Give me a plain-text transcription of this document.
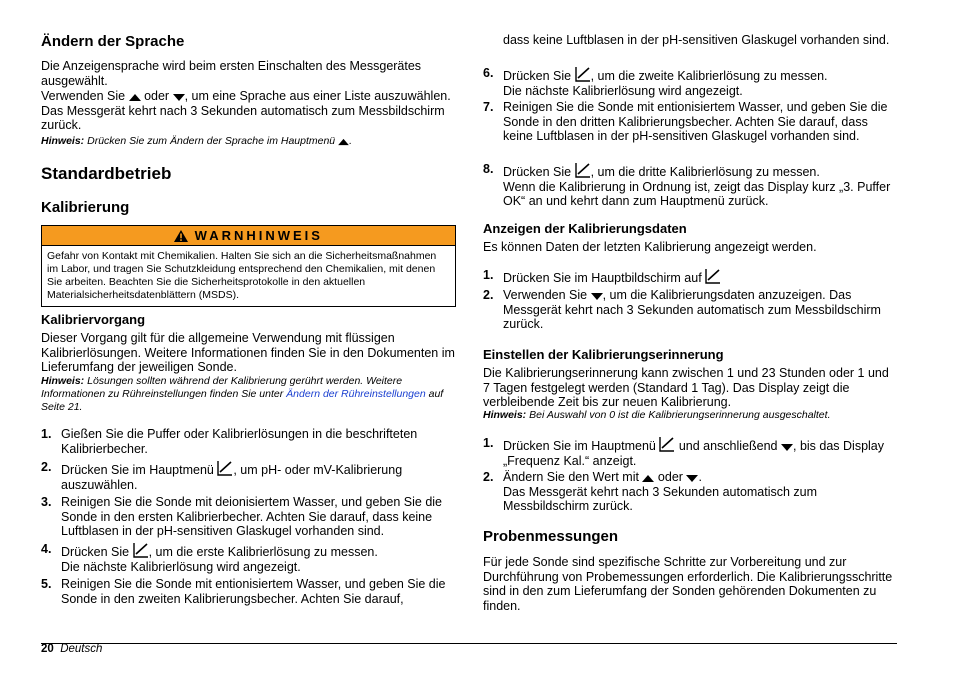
Ändern der Sprache

Die Anzeigensprache wird beim ersten Einschalten des Messgerätes ausgewählt.

Verwenden Sie oder , um eine Sprache aus einer Liste auszuwählen. Das Messgerät kehrt nach 3 Sekunden automatisch zum Messbildschirm zurück.

Hinweis: Drücken Sie zum Ändern der Sprache im Hauptmenü .

Standardbetrieb

Kalibrierung

WARNHINWEIS
Gefahr von Kontakt mit Chemikalien. Halten Sie sich an die Sicherheitsmaßnahmen im Labor, und tragen Sie Schutzkleidung entsprechend den Chemikalien, mit denen Sie arbeiten. Beachten Sie die Sicherheitsprotokolle in den aktuellen Materialsicherheitsdatenblättern (MSDS).

Kalibriervorgang

Dieser Vorgang gilt für die allgemeine Verwendung mit flüssigen Kalibrierlösungen. Weitere Informationen finden Sie in den Dokumenten im Lieferumfang der jeweiligen Sonde.

Hinweis: Lösungen sollten während der Kalibrierung gerührt werden. Weitere Informationen zu Rühreinstellungen finden Sie unter Ändern der Rühreinstellungen auf Seite 21.

1. Gießen Sie die Puffer oder Kalibrierlösungen in die beschrifteten Kalibrierbecher.
2. Drücken Sie im Hauptmenü , um pH- oder mV-Kalibrierung auszuwählen.
3. Reinigen Sie die Sonde mit deionisiertem Wasser, und geben Sie die Sonde in den ersten Kalibrierbecher. Achten Sie darauf, dass keine Luftblasen in der pH-sensitiven Glaskugel vorhanden sind.
4. Drücken Sie , um die erste Kalibrierlösung zu messen.
Die nächste Kalibrierlösung wird angezeigt.
5. Reinigen Sie die Sonde mit entionisiertem Wasser, und geben Sie die Sonde in den zweiten Kalibrierungsbecher. Achten Sie darauf,

dass keine Luftblasen in der pH-sensitiven Glaskugel vorhanden sind.

6. Drücken Sie , um die zweite Kalibrierlösung zu messen.
Die nächste Kalibrierlösung wird angezeigt.
7. Reinigen Sie die Sonde mit entionisiertem Wasser, und geben Sie die Sonde in den dritten Kalibrierungsbecher. Achten Sie darauf, dass keine Luftblasen in der pH-sensitiven Glaskugel vorhanden sind.
8. Drücken Sie , um die dritte Kalibrierlösung zu messen.
Wenn die Kalibrierung in Ordnung ist, zeigt das Display kurz „3. Puffer OK“ an und kehrt dann zum Hauptmenü zurück.

Anzeigen der Kalibrierungsdaten

Es können Daten der letzten Kalibrierung angezeigt werden.

1. Drücken Sie im Hauptbildschirm auf
2. Verwenden Sie , um die Kalibrierungsdaten anzuzeigen. Das Messgerät kehrt nach 3 Sekunden automatisch zum Messbildschirm zurück.

Einstellen der Kalibrierungserinnerung

Die Kalibrierungserinnerung kann zwischen 1 und 23 Stunden oder 1 und 7 Tagen festgelegt werden (Standard 1 Tag). Das Display zeigt die verbleibende Zeit bis zur neuen Kalibrierung.

Hinweis: Bei Auswahl von 0 ist die Kalibrierungserinnerung ausgeschaltet.

1. Drücken Sie im Hauptmenü und anschließend , bis das Display „Frequenz Kal.“ anzeigt.
2. Ändern Sie den Wert mit oder .
Das Messgerät kehrt nach 3 Sekunden automatisch zum Messbildschirm zurück.

Probenmessungen

Für jede Sonde sind spezifische Schritte zur Vorbereitung und zur Durchführung von Probemessungen erforderlich. Die Kalibrierungsschritte sind in den zum Lieferumfang der Sonden gehörenden Dokumenten zu finden.

20 Deutsch
